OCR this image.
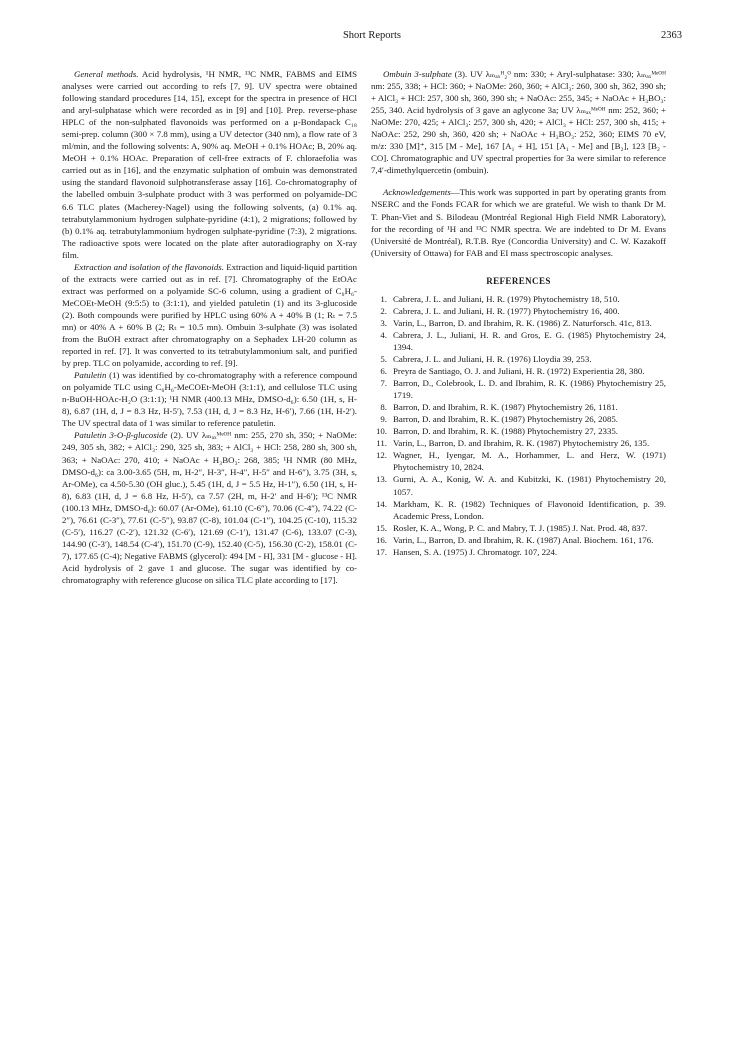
Short Reports	2363

General methods. Acid hydrolysis, ¹H NMR, ¹³C NMR, FABMS and EIMS analyses were carried out according to refs [7, 9]. UV spectra were obtained following standard procedures [14, 15], except for the spectra in presence of HCl and aryl-sulphatase which were recorded as in [9] and [10]. Prep. reverse-phase HPLC of the non-sulphated flavonoids was performed on a μ-Bondapack C₁₈ semi-prep. column (300 × 7.8 mm), using a UV detector (340 nm), a flow rate of 3 ml/min, and the following solvents: A, 90% aq. MeOH + 0.1% HOAc; B, 20% aq. MeOH + 0.1% HOAc. Preparation of cell-free extracts of F. chloraefolia was carried out as in [16], and the enzymatic sulphation of ombuin was demonstrated using the standard flavonoid sulphotransferase assay [16]. Co-chromatography of the labelled ombuin 3-sulphate product with 3 was performed on polyamide-DC 6.6 TLC plates (Macherey-Nagel) using the following solvents, (a) 0.1% aq. tetrabutylammonium hydrogen sulphate-pyridine (4:1), 2 migrations; followed by (b) 0.1% aq. tetrabutylammonium hydrogen sulphate-pyridine (7:3), 2 migrations. The radioactive spots were located on the plate after autoradiography on X-ray film.

Extraction and isolation of the flavonoids. Extraction and liquid-liquid partition of the extracts were carried out as in ref. [7]. Chromatography of the EtOAc extract was performed on a polyamide SC-6 column, using a gradient of C₆H₆-MeCOEt-MeOH (9:5:5) to (3:1:1), and yielded patuletin (1) and its 3-glucoside (2). Both compounds were purified by HPLC using 60% A + 40% B (1; Rₜ = 7.5 mn) or 40% A + 60% B (2; Rₜ = 10.5 mn). Ombuin 3-sulphate (3) was isolated from the BuOH extract after chromatography on a Sephadex LH-20 column as reported in ref. [7]. It was converted to its tetrabutylammonium salt, and purified by prep. TLC on polyamide, according to ref. [9].

Patuletin (1) was identified by co-chromatography with a reference compound on polyamide TLC using C₆H₆-MeCOEt-MeOH (3:1:1), and cellulose TLC using n-BuOH-HOAc-H₂O (3:1:1); ¹H NMR (400.13 MHz, DMSO-d₆): 6.50 (1H, s, H-8), 6.87 (1H, d, J = 8.3 Hz, H-5′), 7.53 (1H, d, J = 8.3 Hz, H-6′), 7.66 (1H, H-2′). The UV spectral data of 1 was similar to reference patuletin.

Patuletin 3-O-β-glucoside (2). UV λₘₐₓᴹᵉᴼᴴ nm: 255, 270 sh, 350; + NaOMe: 249, 305 sh, 382; + AlCl₃: 290, 325 sh, 383; + AlCl₃ + HCl: 258, 280 sh, 300 sh, 363; + NaOAc: 270, 410; + NaOAc + H₃BO₃: 268, 385; ¹H NMR (80 MHz, DMSO-d₆): ca 3.00-3.65 (5H, m, H-2″, H-3″, H-4″, H-5″ and H-6″), 3.75 (3H, s, Ar-OMe), ca 4.50-5.30 (OH gluc.), 5.45 (1H, d, J = 5.5 Hz, H-1″), 6.50 (1H, s, H-8), 6.83 (1H, d, J = 6.8 Hz, H-5′), ca 7.57 (2H, m, H-2′ and H-6′); ¹³C NMR (100.13 MHz, DMSO-d₆): 60.07 (Ar-OMe), 61.10 (C-6″), 70.06 (C-4″), 74.22 (C-2″), 76.61 (C-3″), 77.61 (C-5″), 93.87 (C-8), 101.04 (C-1″), 104.25 (C-10), 115.32 (C-5′), 116.27 (C-2′), 121.32 (C-6′), 121.69 (C-1′), 131.47 (C-6), 133.07 (C-3), 144.90 (C-3′), 148.54 (C-4′), 151.70 (C-9), 152.40 (C-5), 156.30 (C-2), 158.01 (C-7), 177.65 (C-4); Negative FABMS (glycerol): 494 [M - H], 331 [M - glucose - H]. Acid hydrolysis of 2 gave 1 and glucose. The sugar was identified by co-chromatography with reference glucose on silica TLC plate according to [17].

Ombuin 3-sulphate (3). UV λₘₐₓᴴ₂ᴼ nm: 330; + Aryl-sulphatase: 330; λₘₐₓᴹᵉᴼᴴ nm: 255, 338; + HCl: 360; + NaOMe: 260, 360; + AlCl₃: 260, 300 sh, 362, 390 sh; + AlCl₃ + HCl: 257, 300 sh, 360, 390 sh; + NaOAc: 255, 345; + NaOAc + H₃BO₃: 255, 340. Acid hydrolysis of 3 gave an aglycone 3a; UV λₘₐₓᴹᵉᴼᴴ nm: 252, 360; + NaOMe: 270, 425; + AlCl₃: 257, 300 sh, 420; + AlCl₃ + HCl: 257, 300 sh, 415; + NaOAc: 252, 290 sh, 360, 420 sh; + NaOAc + H₃BO₃: 252, 360; EIMS 70 eV, m/z: 330 [M]⁺, 315 [M - Me], 167 [A₁ + H], 151 [A₁ - Me] and [B₂], 123 [B₂ - CO]. Chromatographic and UV spectral properties for 3a were similar to reference 7,4′-dimethylquercetin (ombuin).

Acknowledgements—This work was supported in part by operating grants from NSERC and the Fonds FCAR for which we are grateful. We wish to thank Dr M. T. Phan-Viet and S. Bilodeau (Montréal Regional High Field NMR Laboratory), for the recording of ¹H and ¹³C NMR spectra. We are indebted to Dr M. Evans (Université de Montréal), R.T.B. Rye (Concordia University) and C. W. Kazakoff (University of Ottawa) for FAB and EI mass spectroscopic analyses.

REFERENCES
1. Cabrera, J. L. and Juliani, H. R. (1979) Phytochemistry 18, 510.
2. Cabrera, J. L. and Juliani, H. R. (1977) Phytochemistry 16, 400.
3. Varin, L., Barron, D. and Ibrahim, R. K. (1986) Z. Naturforsch. 41c, 813.
4. Cabrera, J. L., Juliani, H. R. and Gros, E. G. (1985) Phytochemistry 24, 1394.
5. Cabrera, J. L. and Juliani, H. R. (1976) Lloydia 39, 253.
6. Preyra de Santiago, O. J. and Juliani, H. R. (1972) Experientia 28, 380.
7. Barron, D., Colebrook, L. D. and Ibrahim, R. K. (1986) Phytochemistry 25, 1719.
8. Barron, D. and Ibrahim, R. K. (1987) Phytochemistry 26, 1181.
9. Barron, D. and Ibrahim, R. K. (1987) Phytochemistry 26, 2085.
10. Barron, D. and Ibrahim, R. K. (1988) Phytochemistry 27, 2335.
11. Varin, L., Barron, D. and Ibrahim, R. K. (1987) Phytochemistry 26, 135.
12. Wagner, H., Iyengar, M. A., Horhammer, L. and Herz, W. (1971) Phytochemistry 10, 2824.
13. Gurni, A. A., Konig, W. A. and Kubitzki, K. (1981) Phytochemistry 20, 1057.
14. Markham, K. R. (1982) Techniques of Flavonoid Identification, p. 39. Academic Press, London.
15. Rosler, K. A., Wong, P. C. and Mabry, T. J. (1985) J. Nat. Prod. 48, 837.
16. Varin, L., Barron, D. and Ibrahim, R. K. (1987) Anal. Biochem. 161, 176.
17. Hansen, S. A. (1975) J. Chromatogr. 107, 224.
